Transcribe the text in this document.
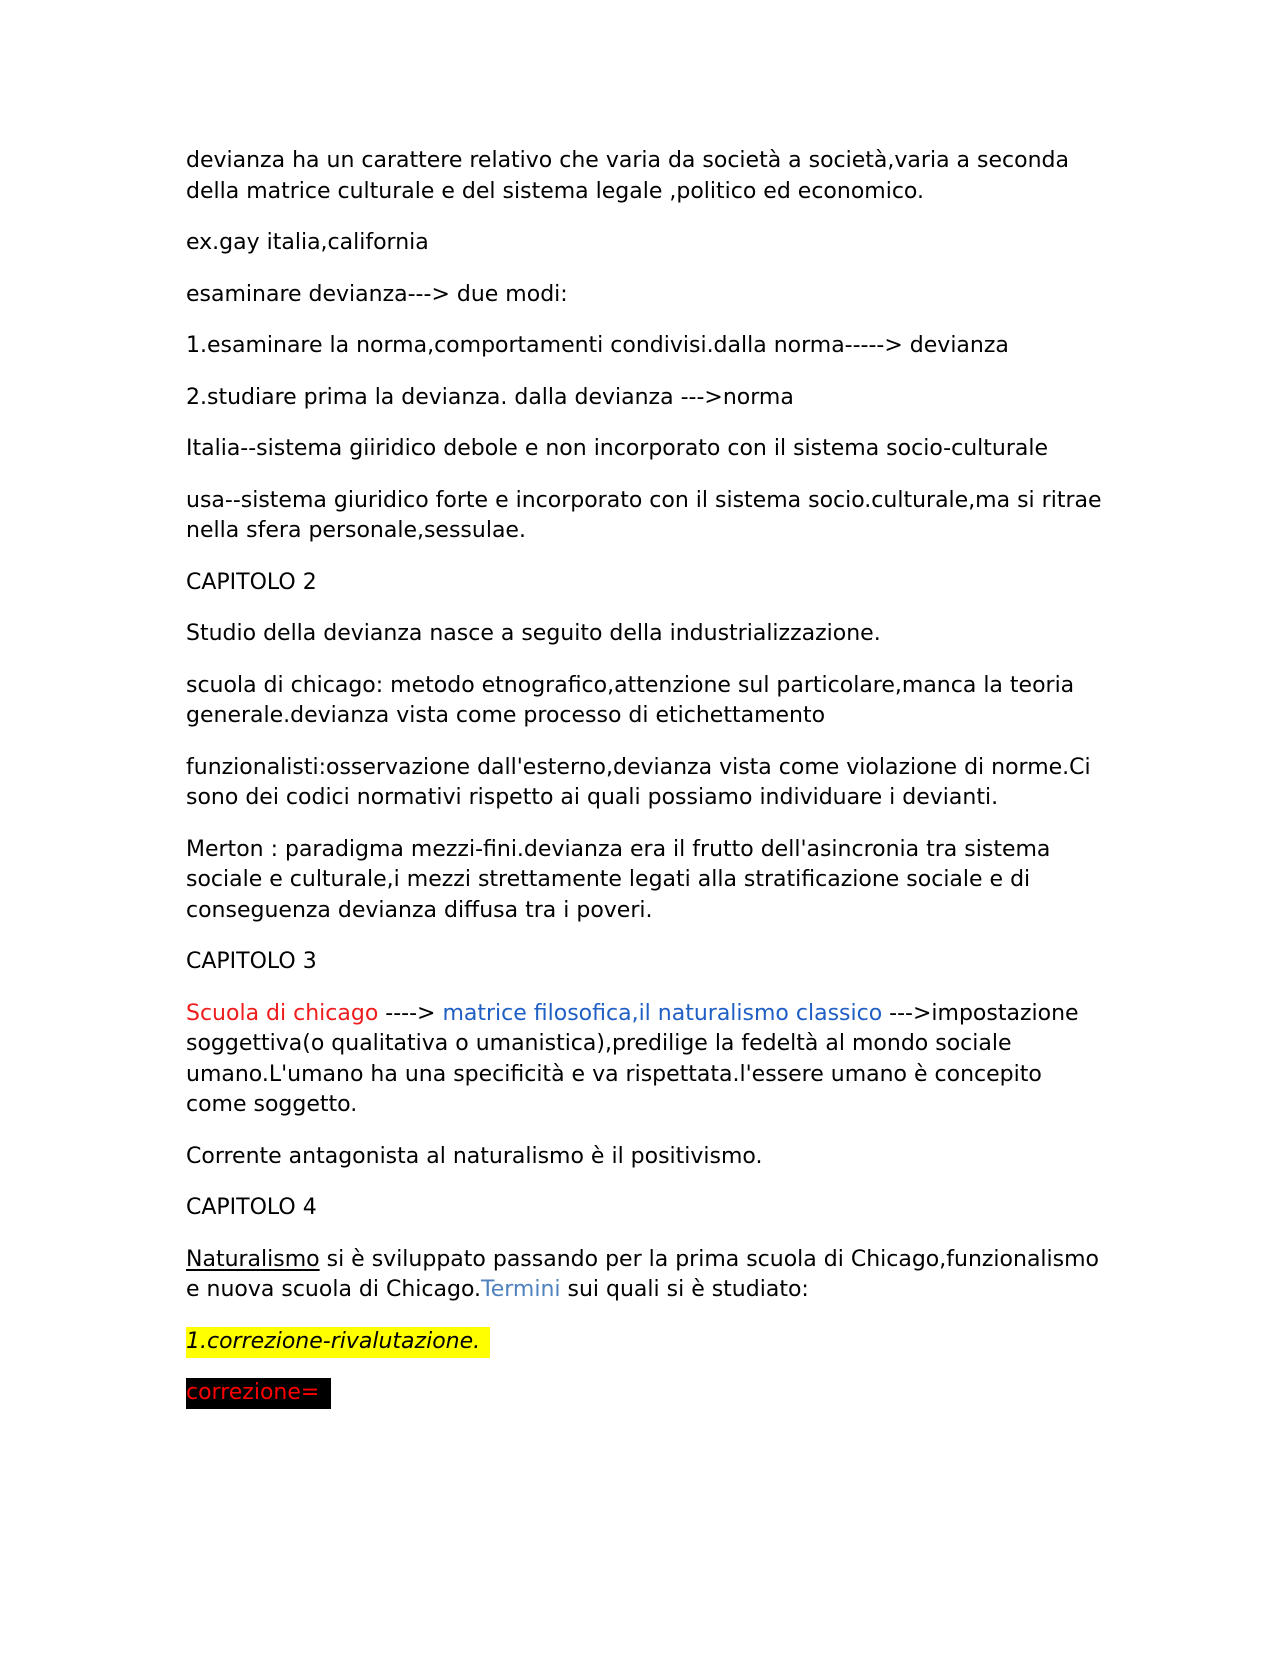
devianza ha un carattere relativo che varia da società a società,varia a seconda della matrice culturale e del sistema legale ,politico ed economico.

ex.gay italia,california

esaminare devianza---> due modi:

1.esaminare la norma,comportamenti condivisi.dalla norma-----> devianza

2.studiare prima la devianza. dalla devianza --->norma

Italia--sistema giiridico debole e non incorporato con il sistema socio-culturale

usa--sistema giuridico forte e incorporato con il sistema socio.culturale,ma si ritrae nella sfera personale,sessulae.

CAPITOLO 2

Studio della devianza nasce a seguito della industrializzazione.

scuola di chicago: metodo etnografico,attenzione sul particolare,manca la teoria generale.devianza vista come processo di etichettamento

funzionalisti:osservazione dall'esterno,devianza vista come violazione di norme.Ci sono dei codici normativi rispetto ai quali possiamo individuare i devianti.

Merton : paradigma mezzi-fini.devianza era il frutto dell'asincronia tra sistema sociale e culturale,i mezzi strettamente legati alla stratificazione sociale e di conseguenza devianza diffusa tra i poveri.

CAPITOLO 3

Scuola di chicago ----> matrice filosofica,il naturalismo classico --->impostazione soggettiva(o qualitativa o umanistica),predilige la fedeltà al mondo sociale umano.L'umano ha una specificità e va rispettata.l'essere umano è concepito come soggetto.

Corrente antagonista al naturalismo è il positivismo.

CAPITOLO 4

Naturalismo si è sviluppato passando per la prima scuola di Chicago,funzionalismo e nuova scuola di Chicago.Termini sui quali si è studiato:

1.correzione-rivalutazione.

correzione=
